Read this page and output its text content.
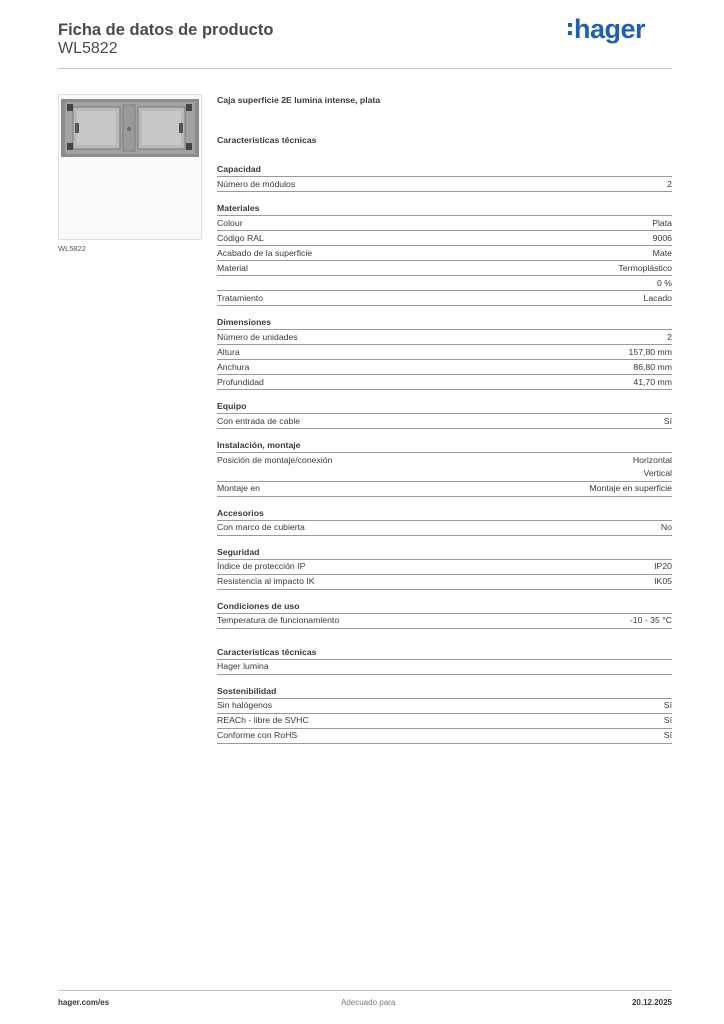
Ficha de datos de producto
WL5822
hager
WL5822
Caja superficie 2E lumina intense, plata
Características técnicas
Capacidad
Número de módulos	2
Materiales
Colour	Plata
Código RAL	9006
Acabado de la superficie	Mate
Material	Termoplástico
0 %
Tratamiento	Lacado
Dimensiones
Número de unidades	2
Altura	157,80 mm
Anchura	86,80 mm
Profundidad	41,70 mm
Equipo
Con entrada de cable	Sí
Instalación, montaje
Posición de montaje/conexión	Horizontal
Vertical
Montaje en	Montaje en superficie
Accesorios
Con marco de cubierta	No
Seguridad
Índice de protección IP	IP20
Resistencia al impacto IK	IK05
Condiciones de uso
Temperatura de funcionamiento	-10 - 35 °C
Características técnicas
Hager lumina
Sostenibilidad
Sin halógenos	Sí
REACh - libre de SVHC	Sí
Conforme con RoHS	Sí
hager.com/es	Adecuado para	20.12.2025
